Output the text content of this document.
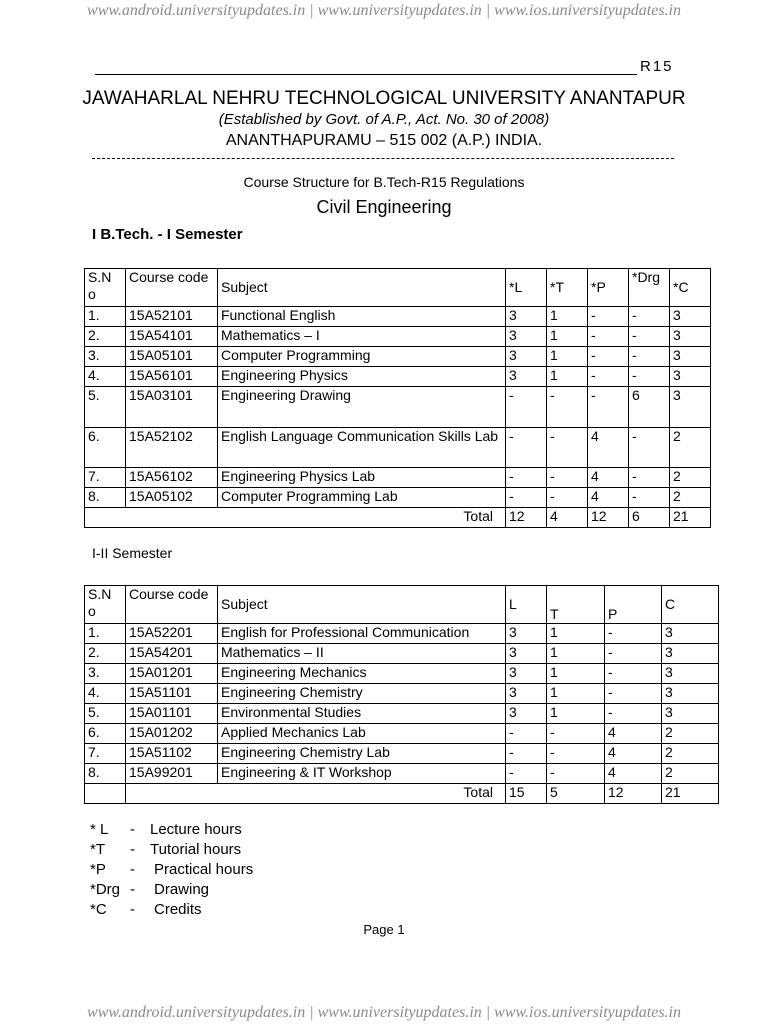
www.android.universityupdates.in | www.universityupdates.in | www.ios.universityupdates.in
R15
JAWAHARLAL NEHRU TECHNOLOGICAL UNIVERSITY ANANTAPUR
(Established by Govt. of A.P., Act. No. 30 of 2008)
ANANTHAPURAMU – 515 002 (A.P.) INDIA.
Course Structure for B.Tech-R15 Regulations
Civil Engineering
I B.Tech. - I Semester
S.N o	Course code	Subject	*L	*T	*P	*Drg	*C
1.	15A52101	Functional English	3	1	-	-	3
2.	15A54101	Mathematics – I	3	1	-	-	3
3.	15A05101	Computer Programming	3	1	-	-	3
4.	15A56101	Engineering Physics	3	1	-	-	3
5.	15A03101	Engineering Drawing	-	-	-	6	3
6.	15A52102	English Language Communication Skills Lab	-	-	4	-	2
7.	15A56102	Engineering Physics Lab	-	-	4	-	2
8.	15A05102	Computer Programming Lab	-	-	4	-	2
Total			12	4	12	6	21
I-II Semester
S.N o	Course code	Subject	L	T	P	C
1.	15A52201	English for Professional Communication	3	1	-	3
2.	15A54201	Mathematics – II	3	1	-	3
3.	15A01201	Engineering Mechanics	3	1	-	3
4.	15A51101	Engineering Chemistry	3	1	-	3
5.	15A01101	Environmental Studies	3	1	-	3
6.	15A01202	Applied Mechanics Lab	-	-	4	2
7.	15A51102	Engineering Chemistry Lab	-	-	4	2
8.	15A99201	Engineering & IT Workshop	-	-	4	2
	Total		15	5	12	21
* L - Lecture hours
*T - Tutorial hours
*P - Practical hours
*Drg - Drawing
*C - Credits
Page 1
www.android.universityupdates.in | www.universityupdates.in | www.ios.universityupdates.in
